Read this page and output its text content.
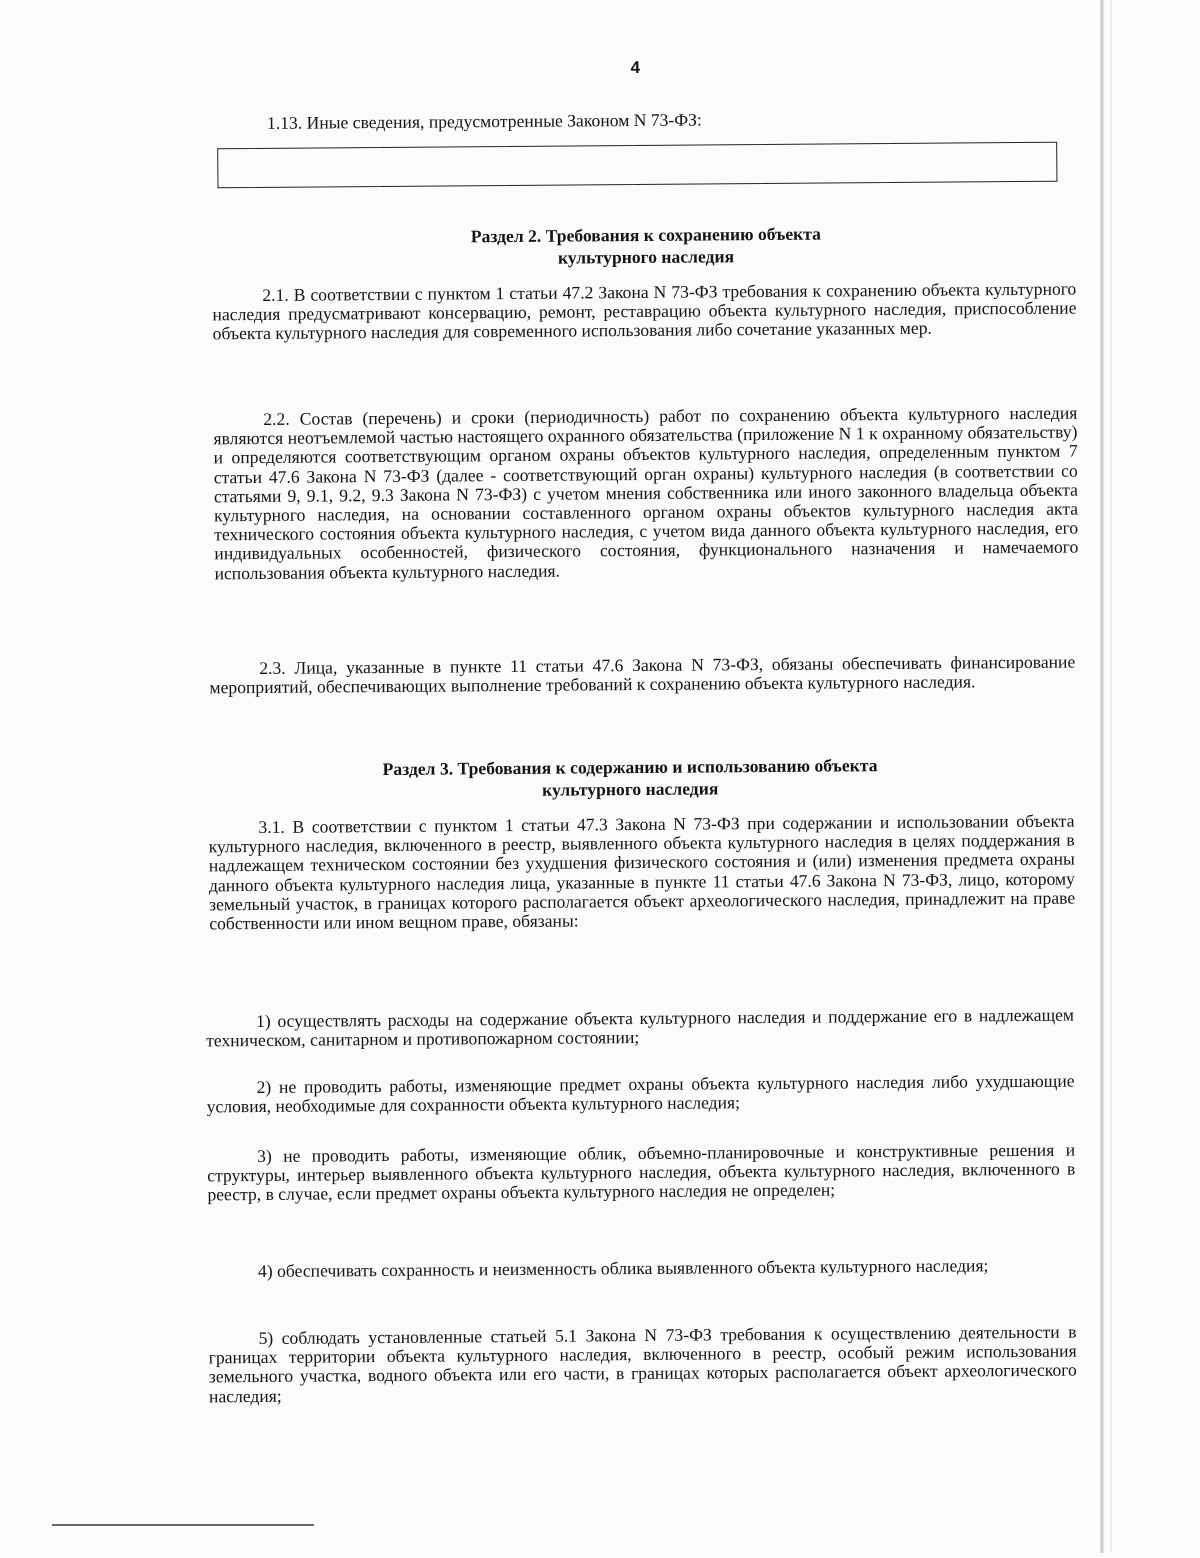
4
1.13. Иные сведения, предусмотренные Законом N 73-ФЗ:
Раздел 2. Требования к сохранению объекта
культурного наследия
2.1. В соответствии с пунктом 1 статьи 47.2 Закона N 73-ФЗ требования к сохранению объекта культурного наследия предусматривают консервацию, ремонт, реставрацию объекта культурного наследия, приспособление объекта культурного наследия для современного использования либо сочетание указанных мер.
2.2. Состав (перечень) и сроки (периодичность) работ по сохранению объекта культурного наследия являются неотъемлемой частью настоящего охранного обязательства (приложение N 1 к охранному обязательству) и определяются соответствующим органом охраны объектов культурного наследия, определенным пунктом 7 статьи 47.6 Закона N 73-ФЗ (далее - соответствующий орган охраны) культурного наследия (в соответствии со статьями 9, 9.1, 9.2, 9.3 Закона N 73-ФЗ) с учетом мнения собственника или иного законного владельца объекта культурного наследия, на основании составленного органом охраны объектов культурного наследия акта технического состояния объекта культурного наследия, с учетом вида данного объекта культурного наследия, его индивидуальных особенностей, физического состояния, функционального назначения и намечаемого использования объекта культурного наследия.
2.3. Лица, указанные в пункте 11 статьи 47.6 Закона N 73-ФЗ, обязаны обеспечивать финансирование мероприятий, обеспечивающих выполнение требований к сохранению объекта культурного наследия.
Раздел 3. Требования к содержанию и использованию объекта
культурного наследия
3.1. В соответствии с пунктом 1 статьи 47.3 Закона N 73-ФЗ при содержании и использовании объекта культурного наследия, включенного в реестр, выявленного объекта культурного наследия в целях поддержания в надлежащем техническом состоянии без ухудшения физического состояния и (или) изменения предмета охраны данного объекта культурного наследия лица, указанные в пункте 11 статьи 47.6 Закона N 73-ФЗ, лицо, которому земельный участок, в границах которого располагается объект археологического наследия, принадлежит на праве собственности или ином вещном праве, обязаны:
1) осуществлять расходы на содержание объекта культурного наследия и поддержание его в надлежащем техническом, санитарном и противопожарном состоянии;
2) не проводить работы, изменяющие предмет охраны объекта культурного наследия либо ухудшающие условия, необходимые для сохранности объекта культурного наследия;
3) не проводить работы, изменяющие облик, объемно-планировочные и конструктивные решения и структуры, интерьер выявленного объекта культурного наследия, объекта культурного наследия, включенного в реестр, в случае, если предмет охраны объекта культурного наследия не определен;
4) обеспечивать сохранность и неизменность облика выявленного объекта культурного наследия;
5) соблюдать установленные статьей 5.1 Закона N 73-ФЗ требования к осуществлению деятельности в границах территории объекта культурного наследия, включенного в реестр, особый режим использования земельного участка, водного объекта или его части, в границах которых располагается объект археологического наследия;
